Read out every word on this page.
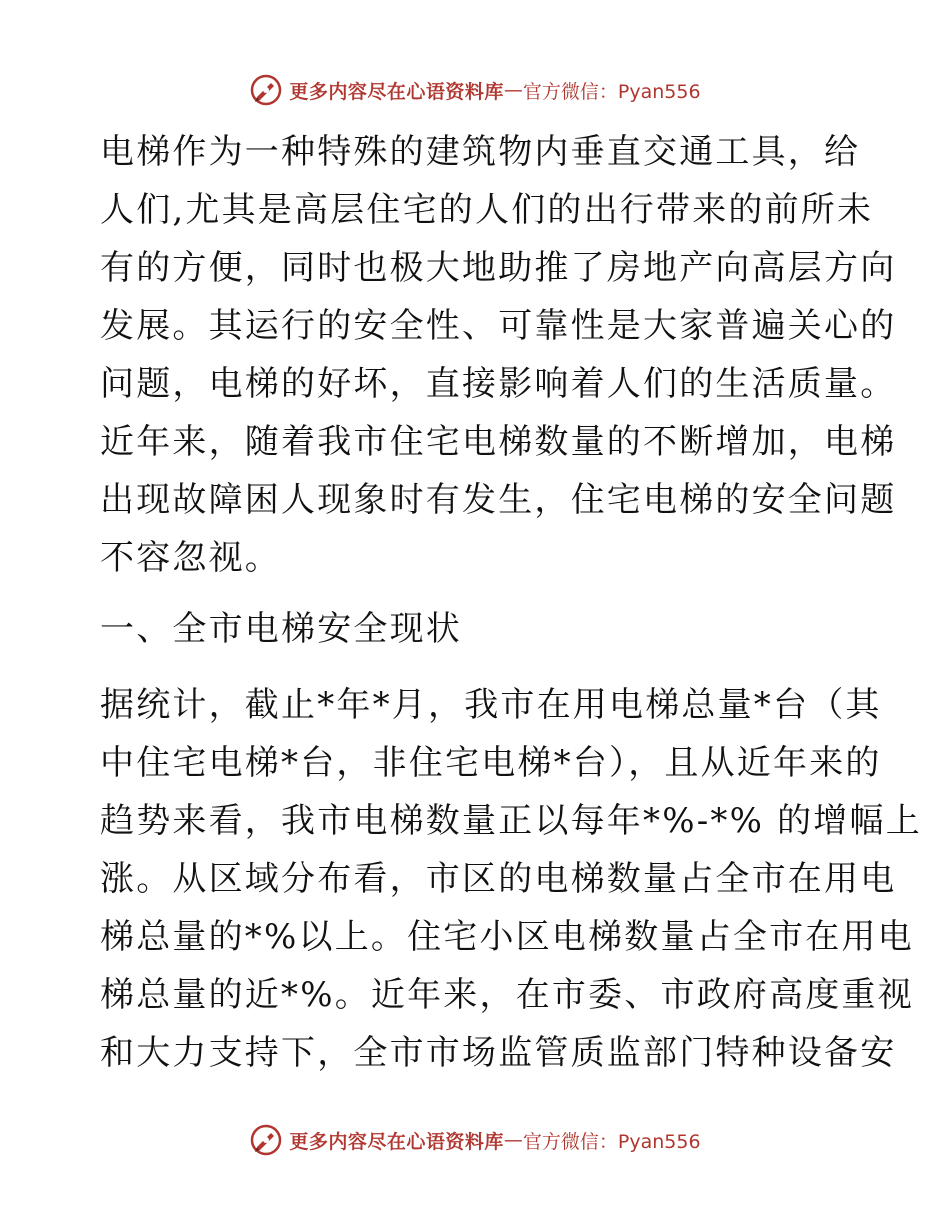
更多内容尽在心语资料库 — 官方微信：Pyan556
电梯作为一种特殊的建筑物内垂直交通工具，给
人们,尤其是高层住宅的人们的出行带来的前所未
有的方便，同时也极大地助推了房地产向高层方向
发展。其运行的安全性、可靠性是大家普遍关心的
问题，电梯的好坏，直接影响着人们的生活质量。
近年来，随着我市住宅电梯数量的不断增加，电梯
出现故障困人现象时有发生，住宅电梯的安全问题
不容忽视。
一、全市电梯安全现状
据统计，截止*年*月，我市在用电梯总量*台（其
中住宅电梯*台，非住宅电梯*台），且从近年来的
趋势来看，我市电梯数量正以每年*%-*% 的增幅上
涨。从区域分布看，市区的电梯数量占全市在用电
梯总量的*%以上。住宅小区电梯数量占全市在用电
梯总量的近*%。近年来，在市委、市政府高度重视
和大力支持下，全市市场监管质监部门特种设备安
更多内容尽在心语资料库 — 官方微信：Pyan556
